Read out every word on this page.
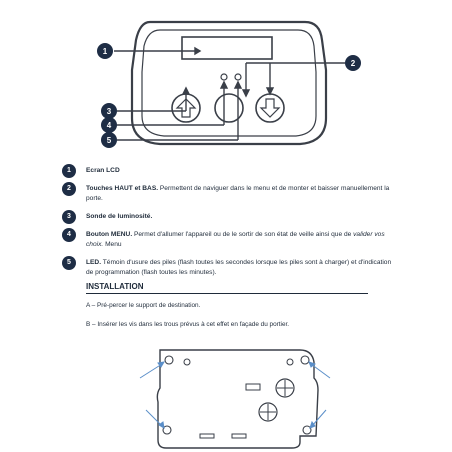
1
2
3
4
5
1	Ecran LCD
2	Touches HAUT et BAS. Permettent de naviguer dans le menu et de monter et baisser manuellement la porte.
3	Sonde de luminosité.
4	Bouton MENU. Permet d'allumer l'appareil ou de le sortir de son état de veille ainsi que de valider vos choix. Menu
5	LED. Témoin d'usure des piles (flash toutes les secondes lorsque les piles sont à charger) et d'indication de programmation (flash toutes les minutes).
INSTALLATION
A – Pré-percer le support de destination.
B – Insérer les vis dans les trous prévus à cet effet en façade du portier.
